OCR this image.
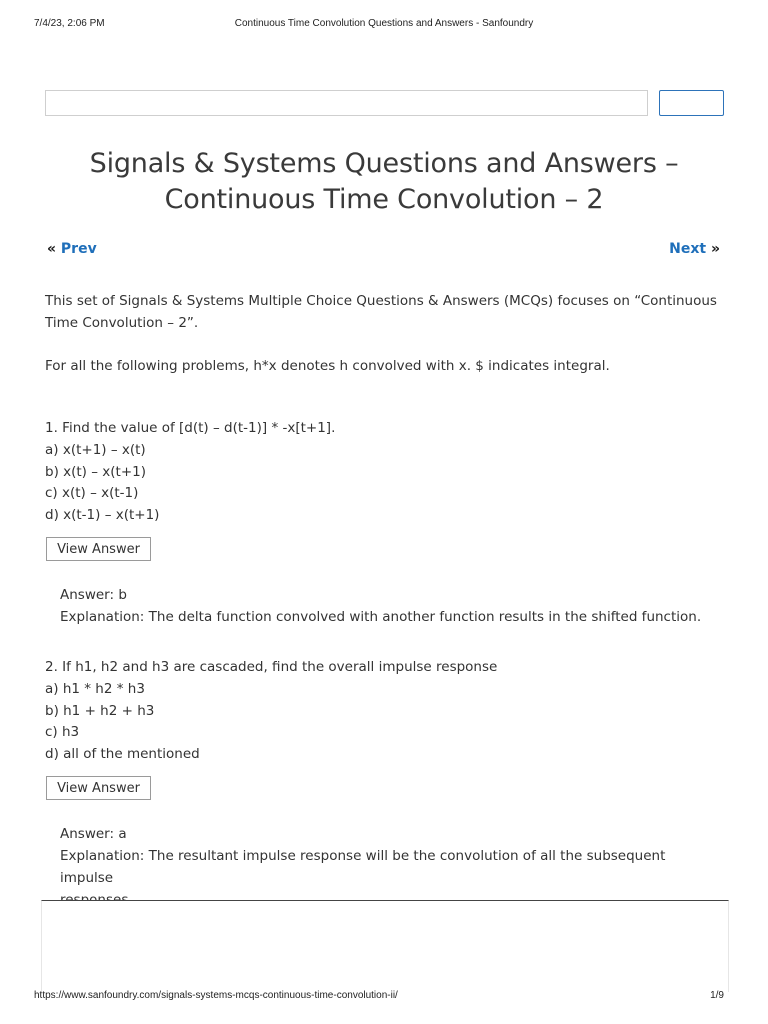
7/4/23, 2:06 PM	Continuous Time Convolution Questions and Answers - Sanfoundry
Signals & Systems Questions and Answers –
Continuous Time Convolution – 2
« Prev	Next »
This set of Signals & Systems Multiple Choice Questions & Answers (MCQs) focuses on “Continuous
Time Convolution – 2”.
For all the following problems, h*x denotes h convolved with x. $ indicates integral.
1. Find the value of [d(t) – d(t-1)] * -x[t+1].
a) x(t+1) – x(t)
b) x(t) – x(t+1)
c) x(t) – x(t-1)
d) x(t-1) – x(t+1)
View Answer
Answer: b
Explanation: The delta function convolved with another function results in the shifted function.
2. If h1, h2 and h3 are cascaded, find the overall impulse response
a) h1 * h2 * h3
b) h1 + h2 + h3
c) h3
d) all of the mentioned
View Answer
Answer: a
Explanation: The resultant impulse response will be the convolution of all the subsequent impulse
https://www.sanfoundry.com/signals-systems-mcqs-continuous-time-convolution-ii/	1/9
